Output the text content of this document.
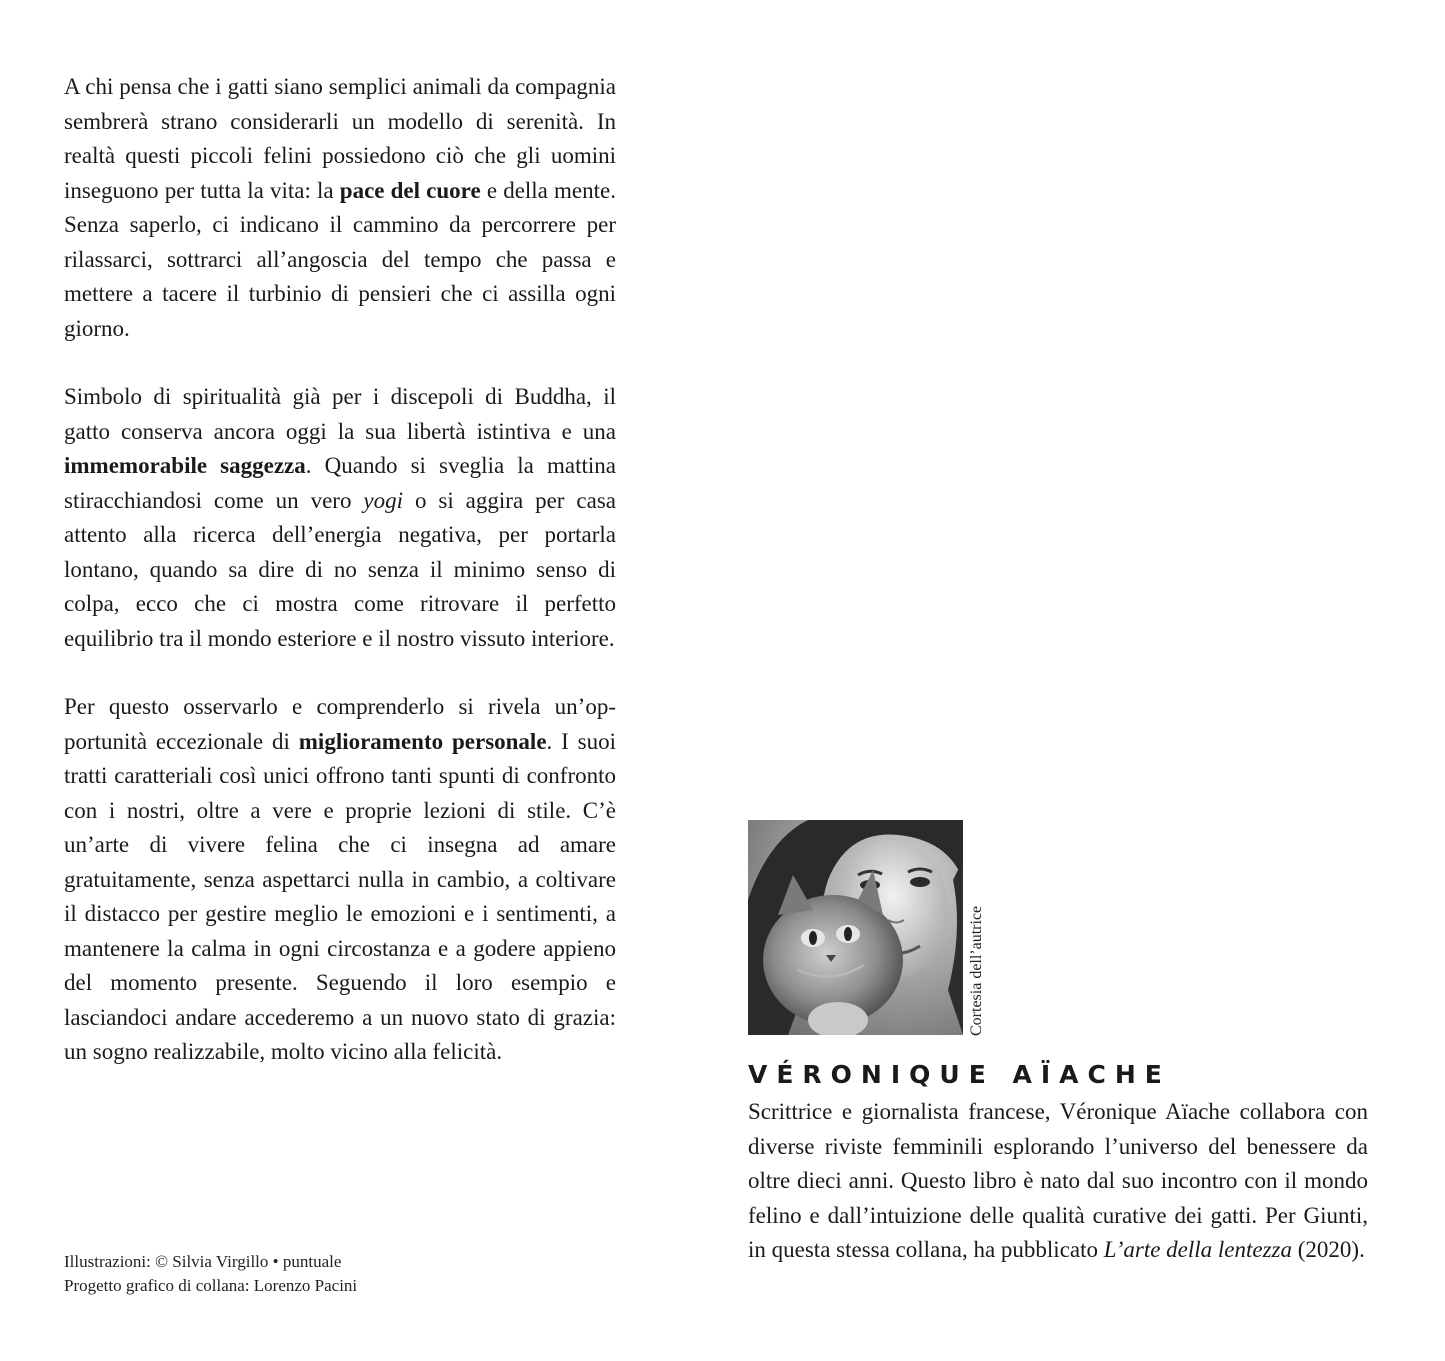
A chi pensa che i gatti siano semplici animali da compagnia sembrerà strano considerarli un modello di serenità. In realtà questi piccoli felini possiedono ciò che gli uomini inseguono per tutta la vita: la pace del cuore e della mente. Senza saperlo, ci indicano il cammino da percorrere per rilassarci, sottrarci all’angoscia del tempo che passa e mettere a tacere il turbinio di pensieri che ci assilla ogni giorno.

Simbolo di spiritualità già per i discepoli di Buddha, il gatto conserva ancora oggi la sua libertà istintiva e una immemorabile saggezza. Quando si sveglia la mattina stiracchiandosi come un vero yogi o si aggira per casa attento alla ricerca dell’energia negativa, per portarla lontano, quando sa dire di no senza il minimo senso di colpa, ecco che ci mostra come ritrovare il perfetto equilibrio tra il mondo esteriore e il nostro vissuto interiore.

Per questo osservarlo e comprenderlo si rivela un’opportunità eccezionale di miglioramento personale. I suoi tratti caratteriali così unici offrono tanti spunti di confronto con i nostri, oltre a vere e proprie lezioni di stile. C’è un’arte di vivere felina che ci insegna ad amare gratuitamente, senza aspettarci nulla in cambio, a coltivare il distacco per gestire meglio le emozioni e i sentimenti, a mantenere la calma in ogni circostanza e a godere appieno del momento presente. Seguendo il loro esempio e lasciandoci andare accederemo a un nuovo stato di grazia: un sogno realizzabile, molto vicino alla felicità.

Illustrazioni: © Silvia Virgillo • puntuale
Progetto grafico di collana: Lorenzo Pacini
Cortesia dell’autrice
VÉRONIQUE AÏACHE
Scrittrice e giornalista francese, Véronique Aïache collabora con diverse riviste femminili esplorando l’universo del benessere da oltre dieci anni. Questo libro è nato dal suo incontro con il mondo felino e dall’intuizione delle qualità curative dei gatti. Per Giunti, in questa stessa collana, ha pubblicato L’arte della lentezza (2020).
